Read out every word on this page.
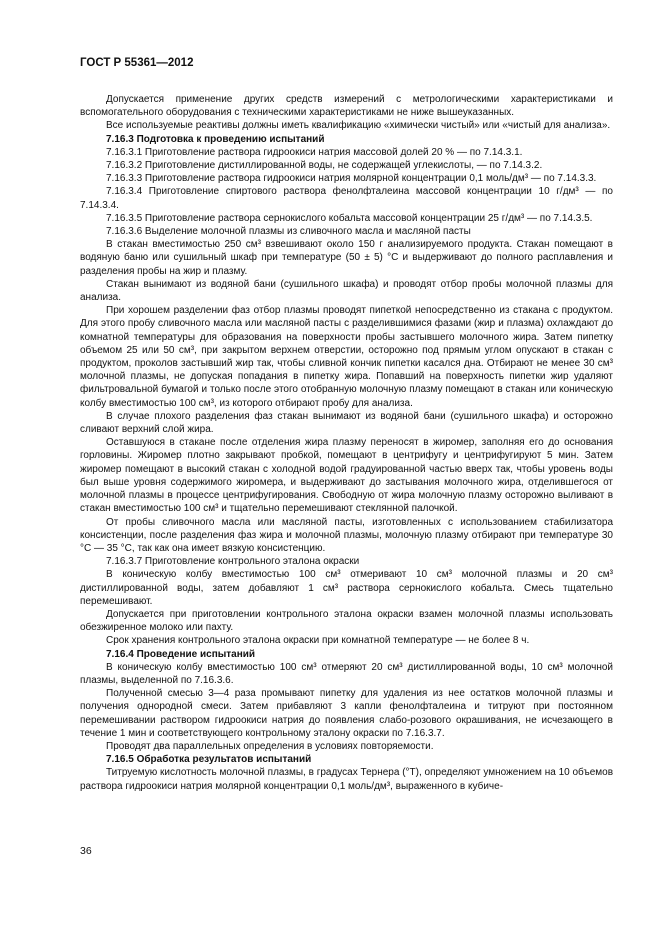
ГОСТ Р 55361—2012

Допускается применение других средств измерений с метрологическими характеристиками и вспомогательного оборудования с техническими характеристиками не ниже вышеуказанных.

Все используемые реактивы должны иметь квалификацию «химически чистый» или «чистый для анализа».

7.16.3 Подготовка к проведению испытаний

7.16.3.1 Приготовление раствора гидроокиси натрия массовой долей 20 % — по 7.14.3.1.

7.16.3.2 Приготовление дистиллированной воды, не содержащей углекислоты, — по 7.14.3.2.

7.16.3.3 Приготовление раствора гидроокиси натрия молярной концентрации 0,1 моль/дм³ — по 7.14.3.3.

7.16.3.4 Приготовление спиртового раствора фенолфталеина массовой концентрации 10 г/дм³ — по 7.14.3.4.

7.16.3.5 Приготовление раствора сернокислого кобальта массовой концентрации 25 г/дм³ — по 7.14.3.5.

7.16.3.6 Выделение молочной плазмы из сливочного масла и масляной пасты

В стакан вместимостью 250 см³ взвешивают около 150 г анализируемого продукта. Стакан помещают в водяную баню или сушильный шкаф при температуре (50 ± 5) °С и выдерживают до полного расплавления и разделения пробы на жир и плазму.

Стакан вынимают из водяной бани (сушильного шкафа) и проводят отбор пробы молочной плазмы для анализа.

При хорошем разделении фаз отбор плазмы проводят пипеткой непосредственно из стакана с продуктом. Для этого пробу сливочного масла или масляной пасты с разделившимися фазами (жир и плазма) охлаждают до комнатной температуры для образования на поверхности пробы застывшего молочного жира. Затем пипетку объемом 25 или 50 см³, при закрытом верхнем отверстии, осторожно под прямым углом опускают в стакан с продуктом, проколов застывший жир так, чтобы сливной кончик пипетки касался дна. Отбирают не менее 30 см³ молочной плазмы, не допуская попадания в пипетку жира. Попавший на поверхность пипетки жир удаляют фильтровальной бумагой и только после этого отобранную молочную плазму помещают в стакан или коническую колбу вместимостью 100 см³, из которого отбирают пробу для анализа.

В случае плохого разделения фаз стакан вынимают из водяной бани (сушильного шкафа) и осторожно сливают верхний слой жира.

Оставшуюся в стакане после отделения жира плазму переносят в жиромер, заполняя его до основания горловины. Жиромер плотно закрывают пробкой, помещают в центрифугу и центрифугируют 5 мин. Затем жиромер помещают в высокий стакан с холодной водой градуированной частью вверх так, чтобы уровень воды был выше уровня содержимого жиромера, и выдерживают до застывания молочного жира, отделившегося от молочной плазмы в процессе центрифугирования. Свободную от жира молочную плазму осторожно выливают в стакан вместимостью 100 см³ и тщательно перемешивают стеклянной палочкой.

От пробы сливочного масла или масляной пасты, изготовленных с использованием стабилизатора консистенции, после разделения фаз жира и молочной плазмы, молочную плазму отбирают при температуре 30 °С — 35 °С, так как она имеет вязкую консистенцию.

7.16.3.7 Приготовление контрольного эталона окраски

В коническую колбу вместимостью 100 см³ отмеривают 10 см³ молочной плазмы и 20 см³ дистиллированной воды, затем добавляют 1 см³ раствора сернокислого кобальта. Смесь тщательно перемешивают.

Допускается при приготовлении контрольного эталона окраски взамен молочной плазмы использовать обезжиренное молоко или пахту.

Срок хранения контрольного эталона окраски при комнатной температуре — не более 8 ч.

7.16.4 Проведение испытаний

В коническую колбу вместимостью 100 см³ отмеряют 20 см³ дистиллированной воды, 10 см³ молочной плазмы, выделенной по 7.16.3.6.

Полученной смесью 3—4 раза промывают пипетку для удаления из нее остатков молочной плазмы и получения однородной смеси. Затем прибавляют 3 капли фенолфталеина и титруют при постоянном перемешивании раствором гидроокиси натрия до появления слабо-розового окрашивания, не исчезающего в течение 1 мин и соответствующего контрольному эталону окраски по 7.16.3.7.

Проводят два параллельных определения в условиях повторяемости.

7.16.5 Обработка результатов испытаний

Титруемую кислотность молочной плазмы, в градусах Тернера (°Т), определяют умножением на 10 объемов раствора гидроокиси натрия молярной концентрации 0,1 моль/дм³, выраженного в кубиче-

36
